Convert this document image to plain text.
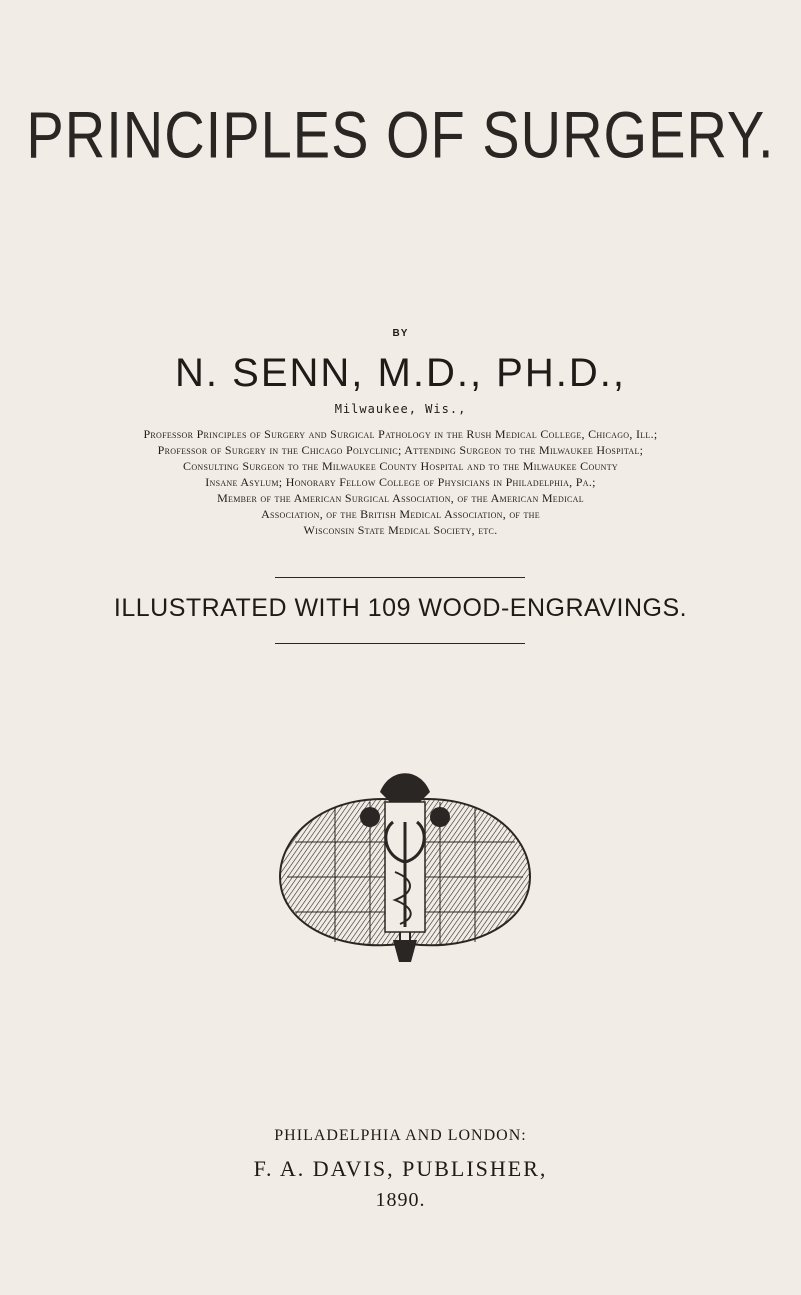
PRINCIPLES OF SURGERY.
BY
N. SENN, M.D., PH.D.,
Milwaukee, Wis.,
Professor Principles of Surgery and Surgical Pathology in the Rush Medical College, Chicago, Ill.;
Professor of Surgery in the Chicago Polyclinic; Attending Surgeon to the Milwaukee Hospital;
Consulting Surgeon to the Milwaukee County Hospital and to the Milwaukee County
Insane Asylum; Honorary Fellow College of Physicians in Philadelphia, Pa.;
Member of the American Surgical Association, of the American Medical
Association, of the British Medical Association, of the
Wisconsin State Medical Society, etc.
ILLUSTRATED WITH 109 WOOD-ENGRAVINGS.
PHILADELPHIA AND LONDON:
F. A. DAVIS, PUBLISHER,
1890.
